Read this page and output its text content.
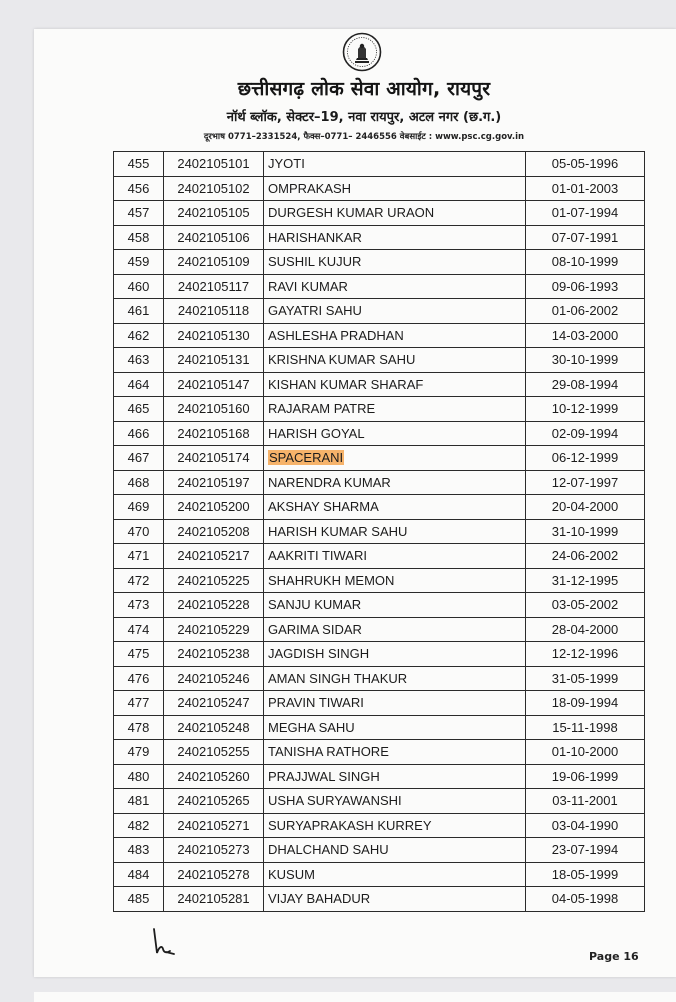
छत्तीसगढ़ लोक सेवा आयोग, रायपुर
नॉर्थ ब्लॉक, सेक्टर–19, नवा रायपुर, अटल नगर (छ.ग.)
दूरभाष 0771–2331524, फैक्स–0771– 2446556 वेबसाईट : www.psc.cg.gov.in
455	2402105101	JYOTI	05-05-1996
456	2402105102	OMPRAKASH	01-01-2003
457	2402105105	DURGESH KUMAR URAON	01-07-1994
458	2402105106	HARISHANKAR	07-07-1991
459	2402105109	SUSHIL KUJUR	08-10-1999
460	2402105117	RAVI KUMAR	09-06-1993
461	2402105118	GAYATRI SAHU	01-06-2002
462	2402105130	ASHLESHA PRADHAN	14-03-2000
463	2402105131	KRISHNA KUMAR SAHU	30-10-1999
464	2402105147	KISHAN KUMAR SHARAF	29-08-1994
465	2402105160	RAJARAM PATRE	10-12-1999
466	2402105168	HARISH GOYAL	02-09-1994
467	2402105174	SPACERANI	06-12-1999
468	2402105197	NARENDRA KUMAR	12-07-1997
469	2402105200	AKSHAY SHARMA	20-04-2000
470	2402105208	HARISH KUMAR SAHU	31-10-1999
471	2402105217	AAKRITI TIWARI	24-06-2002
472	2402105225	SHAHRUKH MEMON	31-12-1995
473	2402105228	SANJU KUMAR	03-05-2002
474	2402105229	GARIMA SIDAR	28-04-2000
475	2402105238	JAGDISH SINGH	12-12-1996
476	2402105246	AMAN SINGH THAKUR	31-05-1999
477	2402105247	PRAVIN TIWARI	18-09-1994
478	2402105248	MEGHA SAHU	15-11-1998
479	2402105255	TANISHA RATHORE	01-10-2000
480	2402105260	PRAJJWAL SINGH	19-06-1999
481	2402105265	USHA SURYAWANSHI	03-11-2001
482	2402105271	SURYAPRAKASH KURREY	03-04-1990
483	2402105273	DHALCHAND SAHU	23-07-1994
484	2402105278	KUSUM	18-05-1999
485	2402105281	VIJAY BAHADUR	04-05-1998
Page 16
